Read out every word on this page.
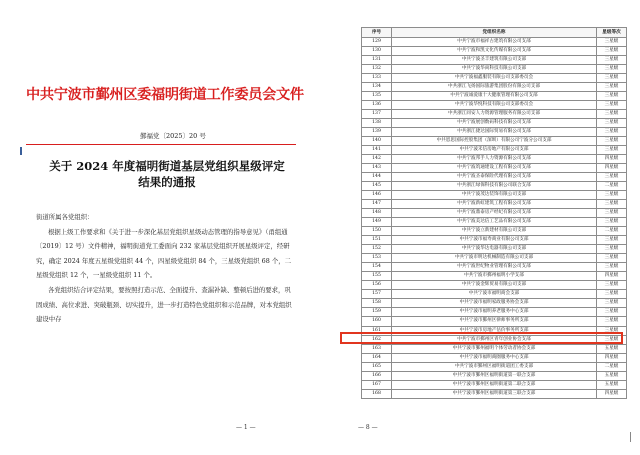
中共宁波市鄞州区委福明街道工作委员会文件
鄞福党〔2025〕20 号
关于 2024 年度福明街道基层党组织星级评定
结果的通报

街道所属各党组织：

根据上级工作要求和《关于进一步深化基层党组织星级动态管理的指导意见》（甬组通〔2019〕12 号）文件精神，福明街道党工委面向 232 家基层党组织开展星级评定，经研究，确定 2024 年度五星级党组织 44 个，四星级党组织 84 个，三星级党组织 68 个，二星级党组织 12 个，一星级党组织 11 个。

各党组织结合评定结果，要按照打造示范、全面提升、查漏补缺、整顿后进的要求，巩固成绩、高位求进、突破瓶颈、切实提升，进一步打造特色党组织和示范品牌，对本党组织建设中存

— 1 —
序号	党组织名称	星级等次
129	中共宁波市福祥古建筑有限公司支部	三星级
130	中共宁波和凯文化传媒有限公司支部	三星级
131	中共宁波圣丰建筑有限公司支部	三星级
132	中共宁波华尚科技有限公司支部	三星级
133	中共宁波福鑫服装有限公司支部委员会	三星级
134	中共浙江飞扬国际旅游集团股份有限公司支部	三星级
135	中共宁波诚爱康十大健康管理有限公司支部	三星级
136	中共宁波华悦科技有限公司支部委员会	三星级
137	中共浙江同安人力资源管理服务有限公司支部	三星级
138	中共宁波展创数码科技有限公司支部	三星级
139	中共浙江捷达国际贸易有限公司支部	三星级
140	中共恩思国际控股集团（深圳）有限公司宁波分公司支部	三星级
141	中共宁波禾信房地产有限公司支部	三星级
142	中共宁波邦手人力资源有限公司支部	四星级
143	中共宁波筑通建设工程有限公司支部	四星级
144	中共宁波圣泰保险代理有限公司支部	三星级
145	中共浙江绿保科技有限公司联合支部	二星级
146	中共宁波茂达装饰有限公司支部	三星级
147	中共宁波新虹建筑工程有限公司支部	三星级
148	中共宁波鼎泰房产经纪有限公司支部	三星级
149	中共宁波美达信工艺品有限公司支部	三星级
150	中共宁波立新建材有限公司支部	二星级
151	中共宁波市福寿商业有限公司支部	三星级
152	中共宁波华达电器有限公司支部	三星级
153	中共宁波市明达机械制造有限公司支部	三星级
154	中共宁波世纪物业管理有限公司支部	三星级
155	中共宁波市鄞州福明小学支部	四星级
156	中共宁波金辉贸易有限公司支部	三星级
157	中共宁波市福明商会支部	三星级
158	中共宁波市福明家政服务协会支部	三星级
159	中共宁波市福明养老服务中心支部	三星级
160	中共宁波市鄞州区律师事务所支部	三星级
161	中共宁波市房地产估价事务所支部	三星级
162	中共宁波市鄞州区青年创业协会支部	三星级
163	中共宁波市鄞州福明个体劳动者协会支部	五星级
164	中共宁波市福明商圈服务中心支部	四星级
165	中共宁波市鄞州区福明街道团工委支部	二星级
166	中共宁波市鄞州区福明街道第一联合支部	五星级
167	中共宁波市鄞州区福明街道第二联合支部	五星级
168	中共宁波市鄞州区福明街道第三联合支部	四星级
— 8 —
